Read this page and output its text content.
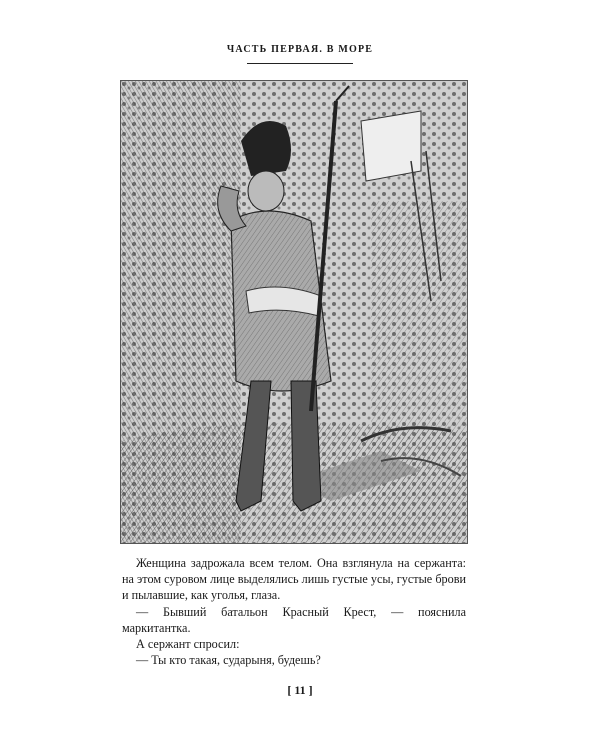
ЧАСТЬ ПЕРВАЯ. В МОРЕ

Женщина задрожала всем телом. Она взглянула на сержанта: на этом суровом лице выделялись лишь густые усы, густые брови и пылавшие, как уголья, глаза.

— Бывший батальон Красный Крест, — пояснила маркитантка.

А сержант спросил:

— Ты кто такая, сударыня, будешь?

[ 11 ]
